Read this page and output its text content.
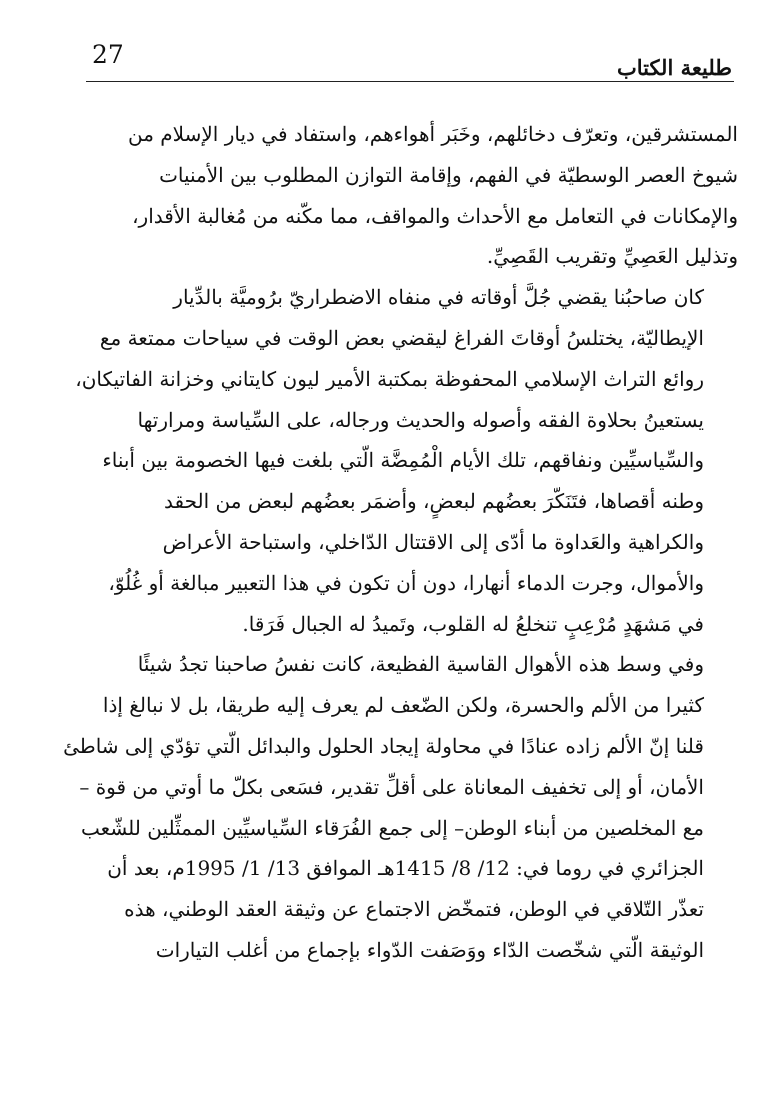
27	طليعة الكتاب

المستشرقين، وتعرّف دخائلهم، وخَبَر أهواءهم، واستفاد في ديار الإسلام من
شيوخ العصر الوسطيّة في الفهم، وإقامة التوازن المطلوب بين الأمنيات
والإمكانات في التعامل مع الأحداث والمواقف، مما مكّنه من مُغالبة الأقدار،
وتذليل العَصِيِّ وتقريب القَصِيِّ.

كان صاحبُنا يقضي جُلَّ أوقاته في منفاه الاضطراريّ برُوميَّة بالدِّيار
الإيطاليّة، يختلسُ أوقاتَ الفراغ ليقضي بعض الوقت في سياحات ممتعة مع
روائع التراث الإسلامي المحفوظة بمكتبة الأمير ليون كايتاني وخزانة الفاتيكان،
يستعينُ بحلاوة الفقه وأصوله والحديث ورجاله، على السِّياسة ومرارتها
والسِّياسيِّين ونفاقهم، تلك الأيام الْمُمِضَّة الّتي بلغت فيها الخصومة بين أبناء
وطنه أقصاها، فتَنَكّرَ بعضُهم لبعضٍ، وأضمَر بعضُهم لبعض من الحقد
والكراهية والعَداوة ما أدّى إلى الاقتتال الدّاخلي، واستباحة الأعراض
والأموال، وجرت الدماء أنهارا، دون أن تكون في هذا التعبير مبالغة أو غُلُوّ،
في مَشهَدٍ مُرْعِبٍ تنخلعُ له القلوب، وتَميدُ له الجبال فَرَقا.

وفي وسط هذه الأهوال القاسية الفظيعة، كانت نفسُ صاحبنا تجدُ شيئًا
كثيرا من الألم والحسرة، ولكن الضّعف لم يعرف إليه طريقا، بل لا نبالغ إذا
قلنا إنّ الألم زاده عنادًا في محاولة إيجاد الحلول والبدائل الّتي تؤدّي إلى شاطئ
الأمان، أو إلى تخفيف المعاناة على أقلِّ تقدير، فسَعى بكلّ ما أوتي من قوة –
مع المخلصين من أبناء الوطن– إلى جمع الفُرَقاء السِّياسيِّين الممثِّلين للشّعب
الجزائري في روما في: 12/ 8/ 1415هـ الموافق 13/ 1/ 1995م، بعد أن
تعذّر التّلاقي في الوطن، فتمخّض الاجتماع عن وثيقة العقد الوطني، هذه
الوثيقة الّتي شخّصت الدّاء ووَصَفت الدّواء بإجماع من أغلب التيارات
